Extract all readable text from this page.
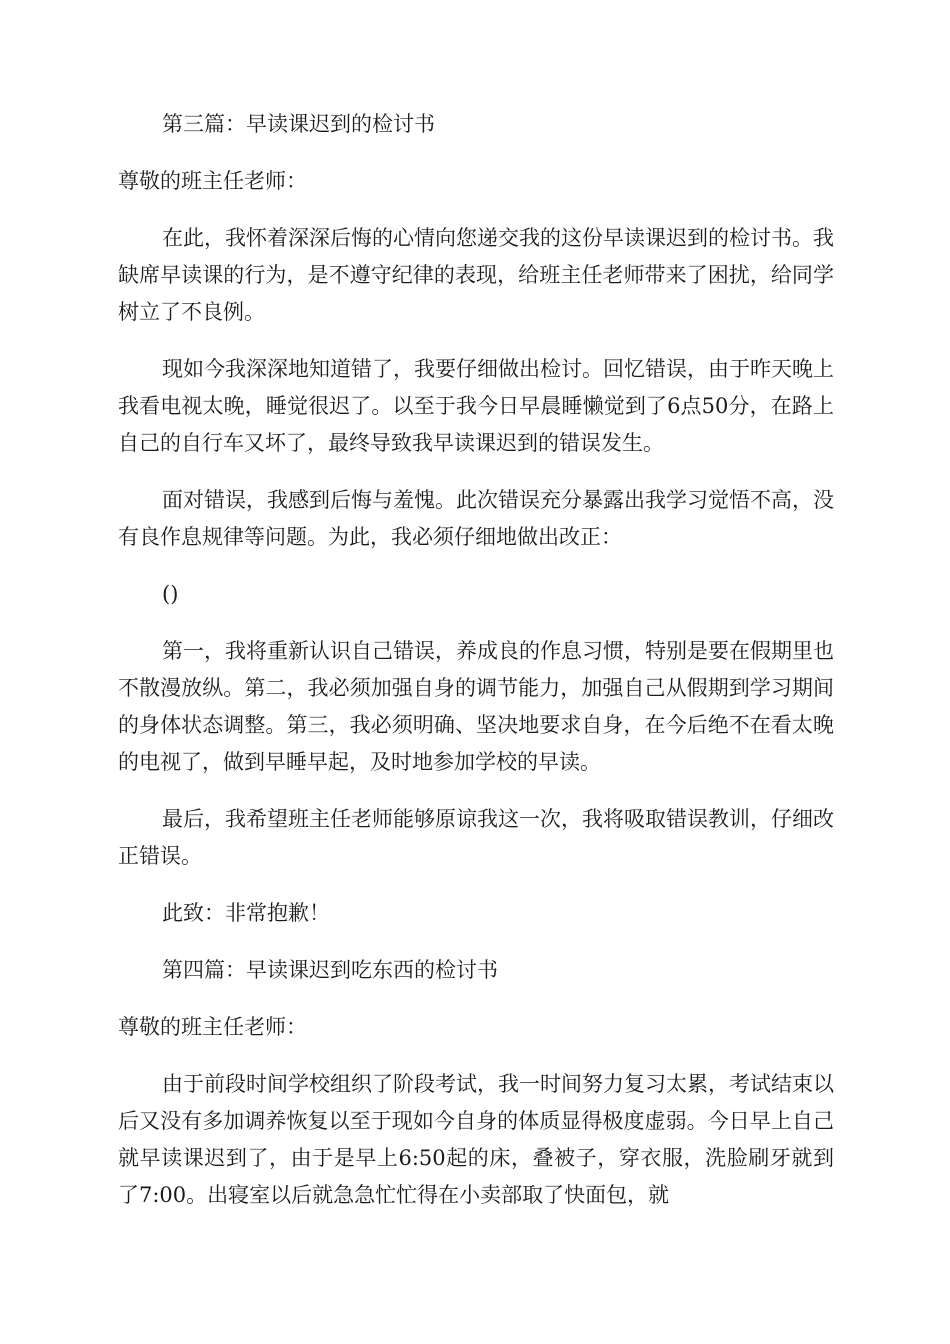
第三篇：早读课迟到的检讨书

尊敬的班主任老师：

在此，我怀着深深后悔的心情向您递交我的这份早读课迟到的检讨书。我缺席早读课的行为，是不遵守纪律的表现，给班主任老师带来了困扰，给同学树立了不良例。

现如今我深深地知道错了，我要仔细做出检讨。回忆错误，由于昨天晚上我看电视太晚，睡觉很迟了。以至于我今日早晨睡懒觉到了6点50分，在路上自己的自行车又坏了，最终导致我早读课迟到的错误发生。

面对错误，我感到后悔与羞愧。此次错误充分暴露出我学习觉悟不高，没有良作息规律等问题。为此，我必须仔细地做出改正：

()

第一，我将重新认识自己错误，养成良的作息习惯，特别是要在假期里也不散漫放纵。第二，我必须加强自身的调节能力，加强自己从假期到学习期间的身体状态调整。第三，我必须明确、坚决地要求自身，在今后绝不在看太晚的电视了，做到早睡早起，及时地参加学校的早读。

最后，我希望班主任老师能够原谅我这一次，我将吸取错误教训，仔细改正错误。

此致：非常抱歉！

第四篇：早读课迟到吃东西的检讨书

尊敬的班主任老师：

由于前段时间学校组织了阶段考试，我一时间努力复习太累，考试结束以后又没有多加调养恢复以至于现如今自身的体质显得极度虚弱。今日早上自己就早读课迟到了，由于是早上6:50起的床，叠被子，穿衣服，洗脸刷牙就到了7:00。出寝室以后就急急忙忙得在小卖部取了快面包，就
